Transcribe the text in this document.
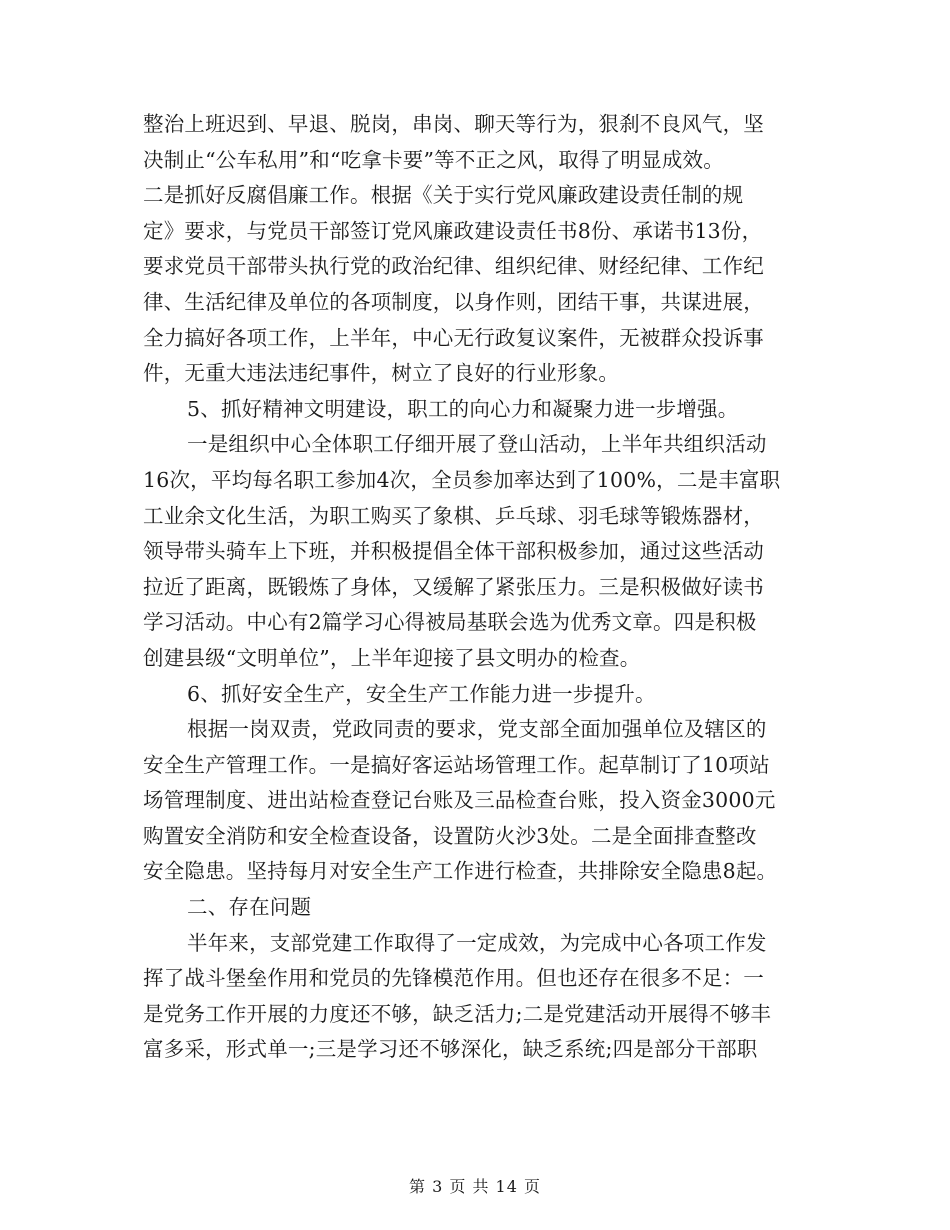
整治上班迟到、早退、脱岗，串岗、聊天等行为，狠刹不良风气，坚
决制止“公车私用”和“吃拿卡要”等不正之风，取得了明显成效。
二是抓好反腐倡廉工作。根据《关于实行党风廉政建设责任制的规
定》要求，与党员干部签订党风廉政建设责任书8份、承诺书13份，
要求党员干部带头执行党的政治纪律、组织纪律、财经纪律、工作纪
律、生活纪律及单位的各项制度，以身作则，团结干事，共谋进展，
全力搞好各项工作，上半年，中心无行政复议案件，无被群众投诉事
件，无重大违法违纪事件，树立了良好的行业形象。
5、抓好精神文明建设，职工的向心力和凝聚力进一步增强。
一是组织中心全体职工仔细开展了登山活动，上半年共组织活动
16次，平均每名职工参加4次，全员参加率达到了100%，二是丰富职
工业余文化生活，为职工购买了象棋、乒乓球、羽毛球等锻炼器材，
领导带头骑车上下班，并积极提倡全体干部积极参加，通过这些活动
拉近了距离，既锻炼了身体，又缓解了紧张压力。三是积极做好读书
学习活动。中心有2篇学习心得被局基联会选为优秀文章。四是积极
创建县级“文明单位”，上半年迎接了县文明办的检查。
6、抓好安全生产，安全生产工作能力进一步提升。
根据一岗双责，党政同责的要求，党支部全面加强单位及辖区的
安全生产管理工作。一是搞好客运站场管理工作。起草制订了10项站
场管理制度、进出站检查登记台账及三品检查台账，投入资金3000元
购置安全消防和安全检查设备，设置防火沙3处。二是全面排查整改
安全隐患。坚持每月对安全生产工作进行检查，共排除安全隐患8起。
二、存在问题
半年来，支部党建工作取得了一定成效，为完成中心各项工作发
挥了战斗堡垒作用和党员的先锋模范作用。但也还存在很多不足：一
是党务工作开展的力度还不够，缺乏活力;二是党建活动开展得不够丰
富多采，形式单一;三是学习还不够深化，缺乏系统;四是部分干部职
第 3 页 共 14 页
